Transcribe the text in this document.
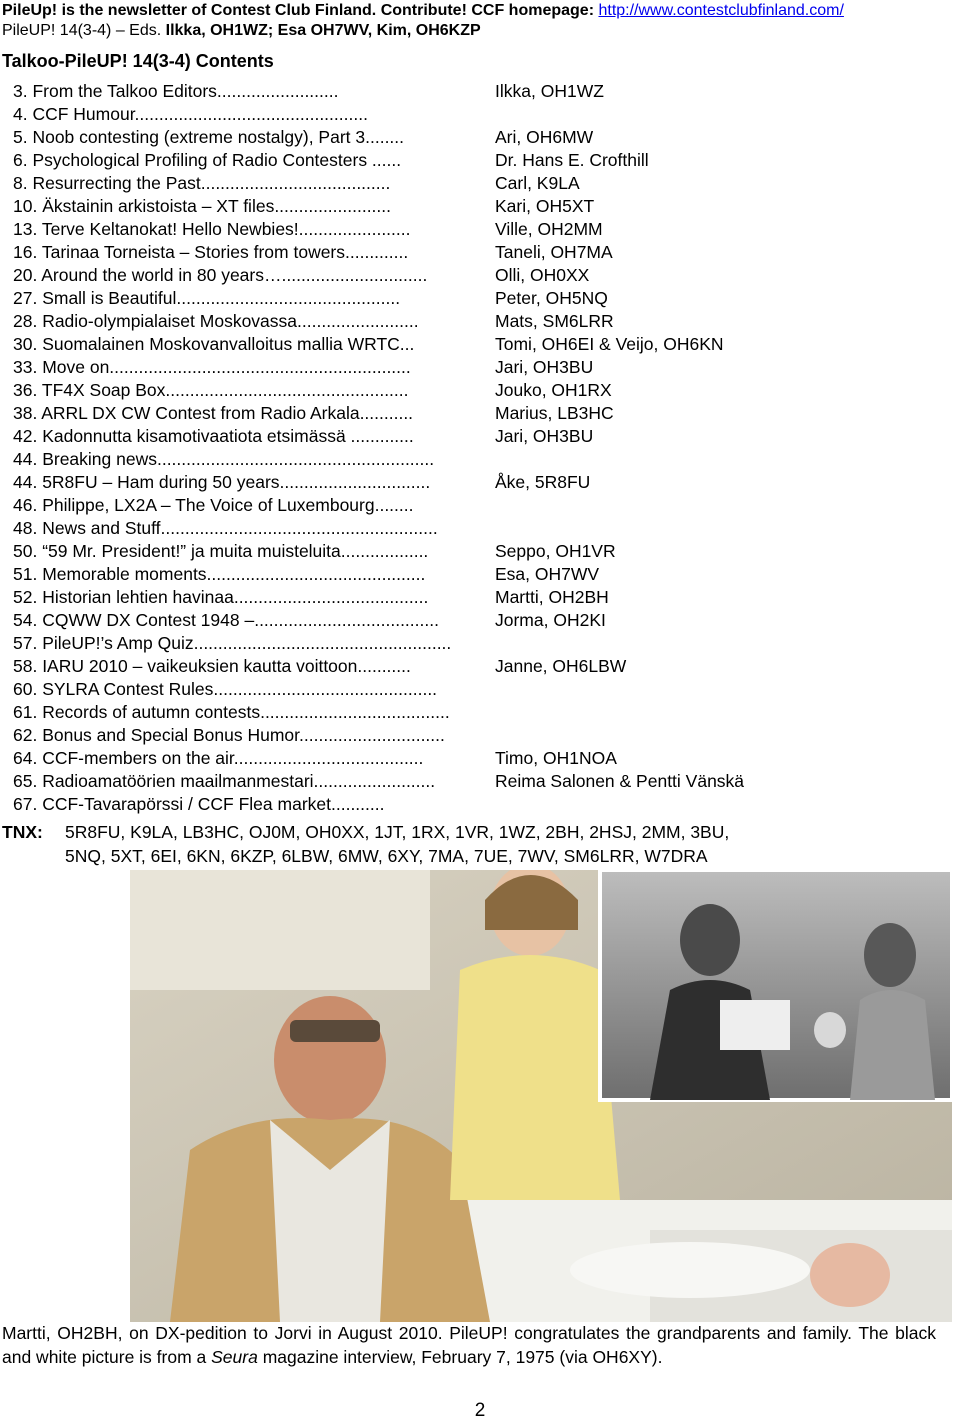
PileUp! is the newsletter of Contest Club Finland. Contribute! CCF homepage: http://www.contestclubfinland.com/
PileUP! 14(3-4) – Eds. Ilkka, OH1WZ; Esa OH7WV, Kim, OH6KZP
Talkoo-PileUP! 14(3-4) Contents
3. From the Talkoo Editors.........................	Ilkka, OH1WZ
4. CCF Humour................................................
5. Noob contesting (extreme nostalgy), Part 3........	Ari, OH6MW
6. Psychological Profiling of Radio Contesters ......	Dr. Hans E. Crofthill
8. Resurrecting the Past.......................................	Carl, K9LA
10. Äkstainin arkistoista – XT files........................	Kari, OH5XT
13. Terve Keltanokat! Hello Newbies!.......................	Ville, OH2MM
16. Tarinaa Torneista – Stories from towers.............	Taneli, OH7MA
20. Around the world in 80 years…..............................	Olli, OH0XX
27. Small is Beautiful..............................................	Peter, OH5NQ
28. Radio-olympialaiset Moskovassa.........................	Mats, SM6LRR
30. Suomalainen Moskovanvalloitus mallia WRTC...	Tomi, OH6EI & Veijo, OH6KN
33. Move on..............................................................	Jari, OH3BU
36. TF4X Soap Box..................................................	Jouko, OH1RX
38. ARRL DX CW Contest from Radio Arkala...........	Marius, LB3HC
42. Kadonnutta kisamotivaatiota etsimässä .............	Jari, OH3BU
44. Breaking news.........................................................
44. 5R8FU – Ham during 50 years...............................	Åke, 5R8FU
46. Philippe, LX2A – The Voice of Luxembourg........
48. News and Stuff.........................................................
50. “59 Mr. President!” ja muita muisteluita..................	Seppo, OH1VR
51. Memorable moments.............................................	Esa, OH7WV
52. Historian lehtien havinaa........................................	Martti, OH2BH
54. CQWW DX Contest 1948 –......................................	Jorma, OH2KI
57. PileUP!’s Amp Quiz.....................................................
58. IARU 2010 – vaikeuksien kautta voittoon...........	Janne, OH6LBW
60. SYLRA Contest Rules..............................................
61. Records of autumn contests.......................................
62. Bonus and Special Bonus Humor..............................
64. CCF-members on the air.......................................	Timo, OH1NOA
65. Radioamatöörien maailmanmestari.........................	Reima Salonen & Pentti Vänskä
67. CCF-Tavarapörssi / CCF Flea market...........
TNX: 5R8FU, K9LA, LB3HC, OJ0M, OH0XX, 1JT, 1RX, 1VR, 1WZ, 2BH, 2HSJ, 2MM, 3BU,
5NQ, 5XT, 6EI, 6KN, 6KZP, 6LBW, 6MW, 6XY, 7MA, 7UE, 7WV, SM6LRR, W7DRA
Martti, OH2BH, on DX-pedition to Jorvi in August 2010. PileUP! congratulates the grandparents and family. The black and white picture is from a Seura magazine interview, February 7, 1975 (via OH6XY).
2
